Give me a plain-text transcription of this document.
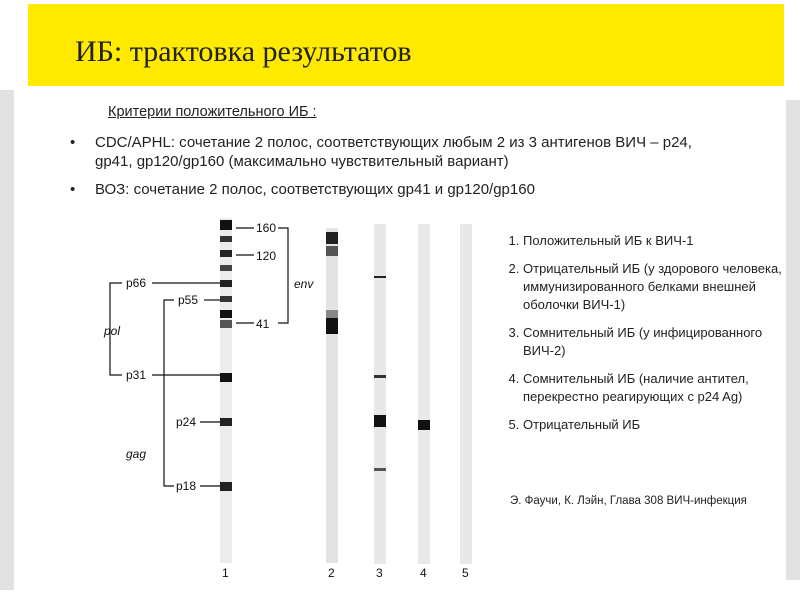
ИБ: трактовка результатов
Критерии положительного ИБ :
• CDC/APHL: сочетание 2 полос, соответствующих любым 2 из 3 антигенов ВИЧ – p24,
gp41, gp120/gp160 (максимально чувствительный вариант)
• ВОЗ: сочетание 2 полос, соответствующих gp41 и gp120/gp160
160
120
41
env
p66
p55
p31
p24
p18
pol
gag
1	2	3	4	5
1. Положительный ИБ к ВИЧ-1
2. Отрицательный ИБ (у здорового человека, иммунизированного белками внешней оболочки ВИЧ-1)
3. Сомнительный ИБ (у инфицированного ВИЧ-2)
4. Сомнительный ИБ (наличие антител, перекрестно реагирующих с p24 Ag)
5. Отрицательный ИБ
Э. Фаучи, К. Лэйн, Глава 308 ВИЧ-инфекция
